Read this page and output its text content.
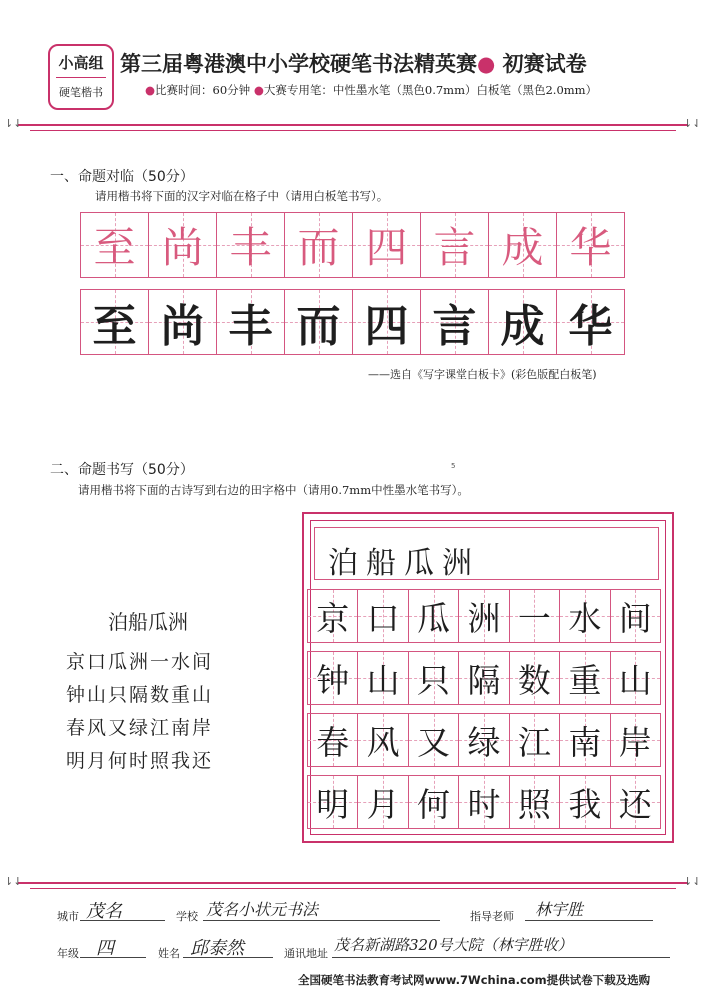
小高组
硬笔楷书
第三届粤港澳中小学校硬笔书法精英赛● 初赛试卷
●比赛时间：60分钟 ●大赛专用笔：中性墨水笔（黑色0.7mm）白板笔（黑色2.0mm）
⇂⇃	⇂⇃
一、命题对临（50分）
请用楷书将下面的汉字对临在格子中（请用白板笔书写）。
至 尚 丰 而 四 言 成 华
至 尚 丰 而 四 言 成 华
——选自《写字课堂白板卡》(彩色版配白板笔)
5
二、命题书写（50分）
请用楷书将下面的古诗写到右边的田字格中（请用0.7mm中性墨水笔书写）。
泊船瓜洲
京口瓜洲一水间
钟山只隔数重山
春风又绿江南岸
明月何时照我还
泊船瓜洲
京 口 瓜 洲 一 水 间
钟 山 只 隔 数 重 山
春 风 又 绿 江 南 岸
明 月 何 时 照 我 还
⇂⇃	⇂⇃
城市 茂名	学校 茂名小状元书法	指导老师 林宇胜
年级 四	姓名 邱泰然	通讯地址 茂名新湖路320号大院（林宇胜收）
全国硬笔书法教育考试网www.7Wchina.com提供试卷下载及选购
